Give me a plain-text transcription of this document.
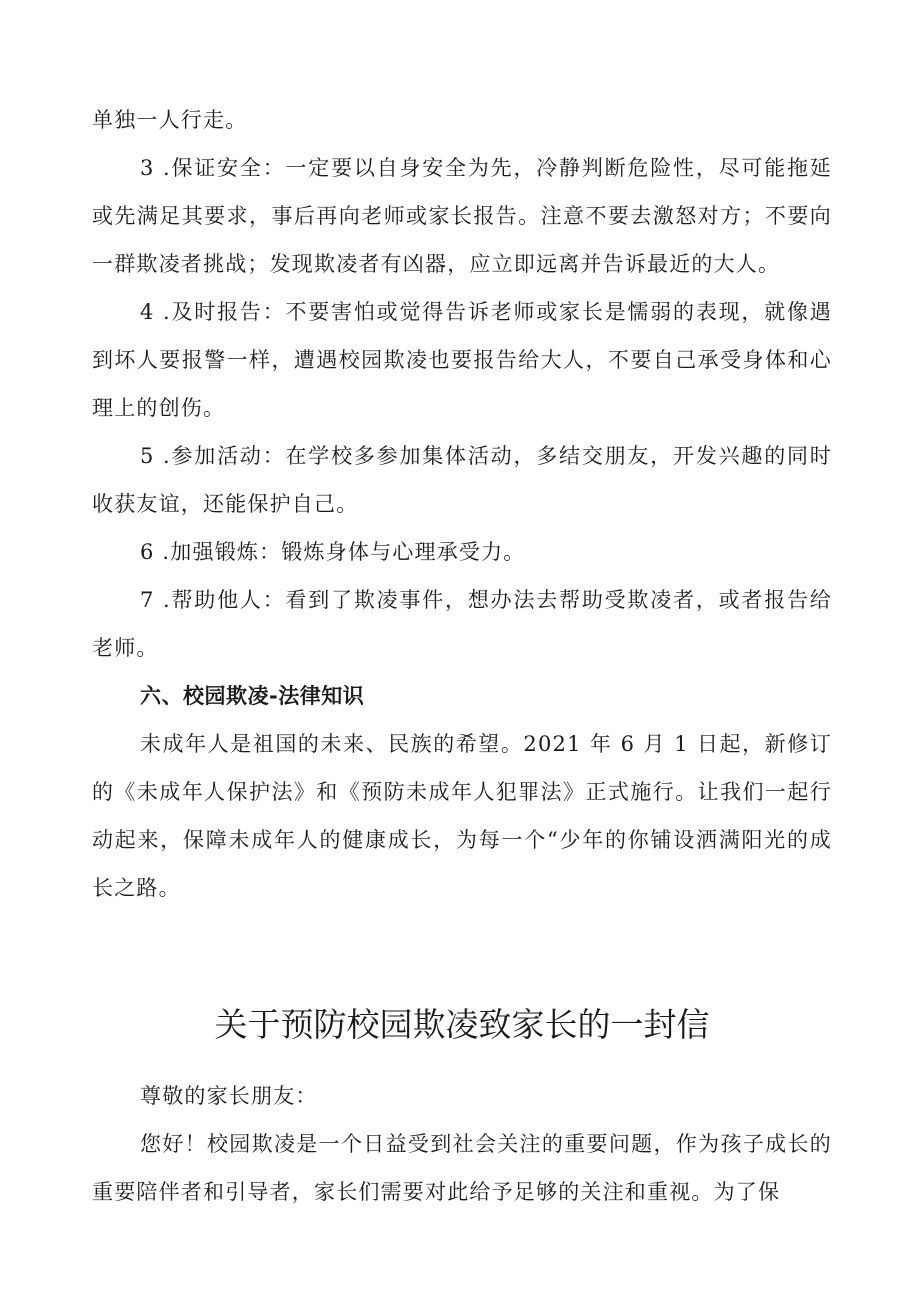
单独一人行走。

3 .保证安全：一定要以自身安全为先，冷静判断危险性，尽可能拖延或先满足其要求，事后再向老师或家长报告。注意不要去激怒对方；不要向一群欺凌者挑战；发现欺凌者有凶器，应立即远离并告诉最近的大人。

4 .及时报告：不要害怕或觉得告诉老师或家长是懦弱的表现，就像遇到坏人要报警一样，遭遇校园欺凌也要报告给大人，不要自己承受身体和心理上的创伤。

5 .参加活动：在学校多参加集体活动，多结交朋友，开发兴趣的同时收获友谊，还能保护自己。

6 .加强锻炼：锻炼身体与心理承受力。

7 .帮助他人：看到了欺凌事件，想办法去帮助受欺凌者，或者报告给老师。

六、校园欺凌-法律知识

未成年人是祖国的未来、民族的希望。2021 年 6 月 1 日起，新修订的《未成年人保护法》和《预防未成年人犯罪法》正式施行。让我们一起行动起来，保障未成年人的健康成长，为每一个“少年的你铺设洒满阳光的成长之路。

关于预防校园欺凌致家长的一封信

尊敬的家长朋友：

您好！校园欺凌是一个日益受到社会关注的重要问题，作为孩子成长的重要陪伴者和引导者，家长们需要对此给予足够的关注和重视。为了保
